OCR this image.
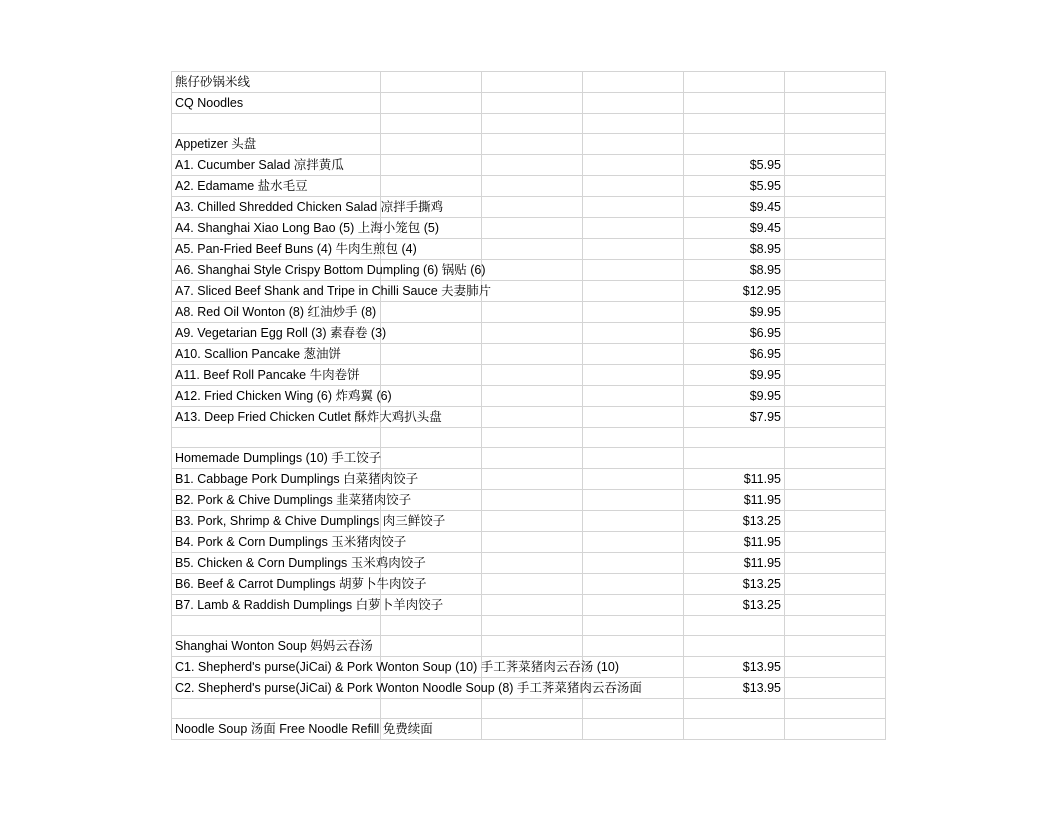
熊仔砂锅米线					
CQ Noodles					

Appetizer 头盘					
A1. Cucumber Salad 凉拌黄瓜				$5.95	
A2. Edamame 盐水毛豆				$5.95	
A3. Chilled Shredded Chicken Salad 凉拌手撕鸡				$9.45	
A4. Shanghai Xiao Long Bao (5) 上海小笼包 (5)				$9.45	
A5. Pan-Fried Beef Buns (4) 牛肉生煎包 (4)				$8.95	
A6. Shanghai Style Crispy Bottom Dumpling (6) 锅贴 (6)				$8.95	
A7. Sliced Beef Shank and Tripe in Chilli Sauce 夫妻肺片				$12.95	
A8. Red Oil Wonton (8) 红油炒手 (8)				$9.95	
A9. Vegetarian Egg Roll (3) 素春卷 (3)				$6.95	
A10. Scallion Pancake 葱油饼				$6.95	
A11. Beef Roll Pancake 牛肉卷饼				$9.95	
A12. Fried Chicken Wing (6) 炸鸡翼 (6)				$9.95	
A13. Deep Fried Chicken Cutlet 酥炸大鸡扒头盘				$7.95	

Homemade Dumplings (10) 手工饺子					
B1. Cabbage Pork Dumplings 白菜猪肉饺子				$11.95	
B2. Pork & Chive Dumplings 韭菜猪肉饺子				$11.95	
B3. Pork, Shrimp & Chive Dumplings 肉三鲜饺子				$13.25	
B4. Pork & Corn Dumplings 玉米猪肉饺子				$11.95	
B5. Chicken & Corn Dumplings 玉米鸡肉饺子				$11.95	
B6. Beef & Carrot Dumplings 胡萝卜牛肉饺子				$13.25	
B7. Lamb & Raddish Dumplings 白萝卜羊肉饺子				$13.25	

Shanghai Wonton Soup 妈妈云吞汤					
C1. Shepherd's purse(JiCai) & Pork Wonton Soup (10) 手工荠菜猪肉云吞汤 (10)				$13.95	
C2. Shepherd's purse(JiCai) & Pork Wonton Noodle Soup (8) 手工荠菜猪肉云吞汤面				$13.95	

Noodle Soup 汤面 Free Noodle Refill 免费续面					
